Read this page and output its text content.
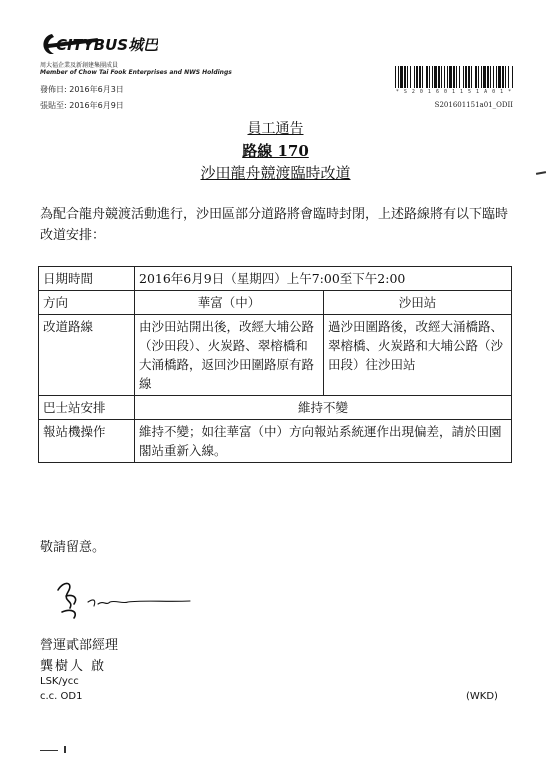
CITYBUS城巴
周大福企業及新創建集團成員
Member of Chow Tai Fook Enterprises and NWS Holdings
發佈日: 2016年6月3日
張貼至: 2016年6月9日
* S 2 0 1 6 0 1 1 5 1 A 0 1 *
S201601151a01_ODII
員工通告
路線 170
沙田龍舟競渡臨時改道
為配合龍舟競渡活動進行，沙田區部分道路將會臨時封閉，上述路線將有以下臨時改道安排：
日期時間	2016年6月9日（星期四）上午7:00至下午2:00	
方向	華富（中）	沙田站
改道路線	由沙田站開出後，改經大埔公路（沙田段）、火炭路、翠榕橋和大涌橋路，返回沙田圍路原有路線	過沙田圍路後，改經大涌橋路、翠榕橋、火炭路和大埔公路（沙田段）往沙田站
巴士站安排	維持不變	
報站機操作	維持不變；如往華富（中）方向報站系統運作出現偏差，請於田園閣站重新入線。	
敬請留意。
營運貳部經理
龔樹人 啟
LSK/ycc
c.c. OD1	(WKD)
